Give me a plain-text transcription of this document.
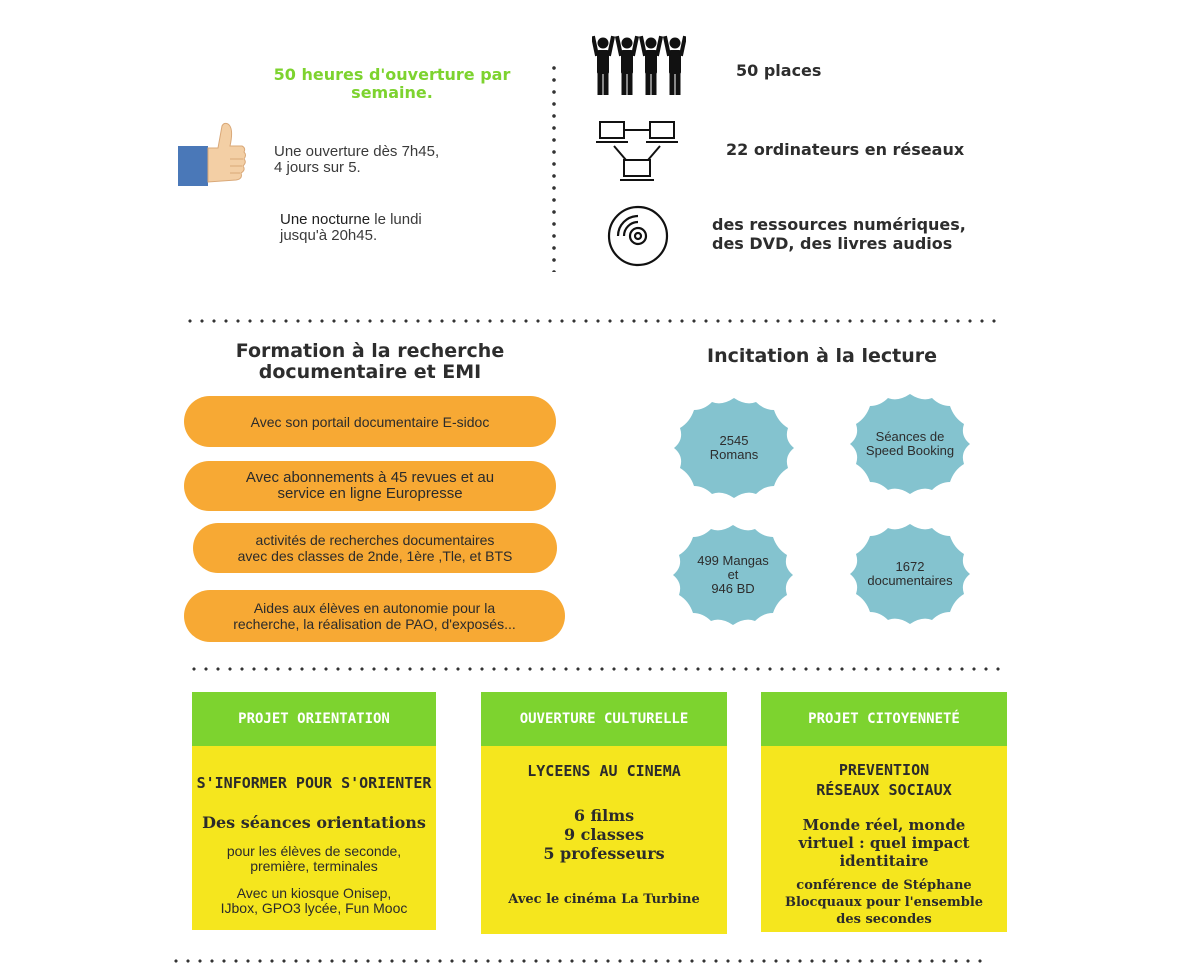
50 heures d'ouverture par semaine.
Une ouverture dès 7h45,
4 jours sur 5.
Une nocturne le lundi
jusqu'à 20h45.
50 places
22 ordinateurs en réseaux
des ressources numériques,
des DVD, des livres audios
Formation à la recherche
documentaire et EMI
Avec son portail documentaire E-sidoc
Avec abonnements à 45 revues et au
service en ligne Europresse
activités de recherches documentaires
avec des classes de 2nde, 1ère ,Tle, et BTS
Aides aux élèves en autonomie pour la
recherche, la réalisation de PAO, d'exposés...
Incitation à la lecture
2545
Romans
Séances de
Speed Booking
499 Mangas
et
946 BD
1672
documentaires
PROJET ORIENTATION
S'INFORMER POUR S'ORIENTER
Des séances orientations
pour les élèves de seconde,
première, terminales
Avec un kiosque Onisep,
IJbox, GPO3 lycée, Fun Mooc
OUVERTURE CULTURELLE
LYCEENS AU CINEMA
6 films
9 classes
5 professeurs
Avec le cinéma La Turbine
PROJET CITOYENNETÉ
PREVENTION
RÉSEAUX SOCIAUX
Monde réel, monde
virtuel : quel impact
identitaire
conférence de Stéphane
Blocquaux pour l'ensemble
des secondes
